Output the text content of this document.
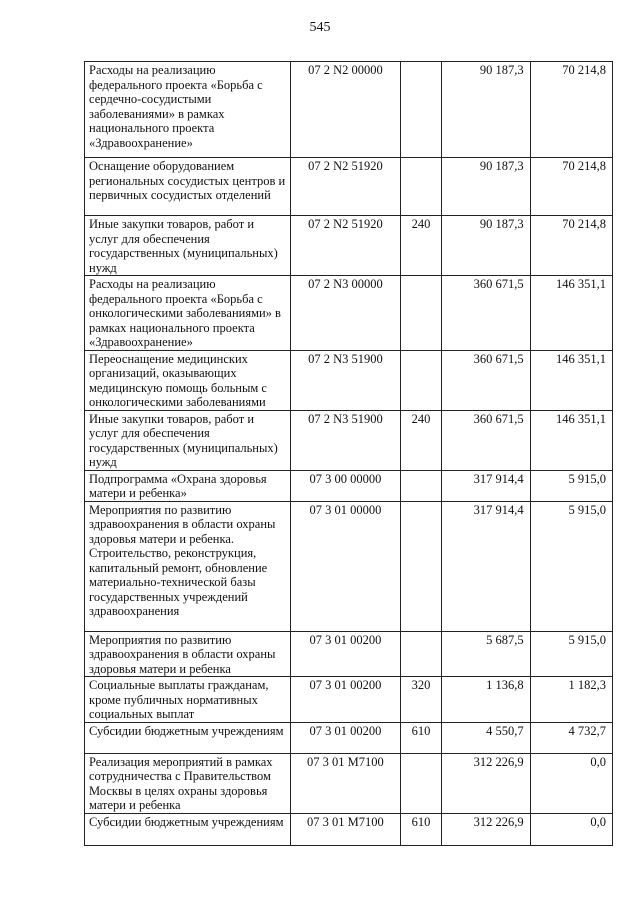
545
Расходы на реализацию федерального проекта «Борьба с сердечно-сосудистыми заболеваниями» в рамках национального проекта «Здравоохранение»	07 2 N2 00000		90 187,3	70 214,8
Оснащение оборудованием региональных сосудистых центров и первичных сосудистых отделений	07 2 N2 51920		90 187,3	70 214,8
Иные закупки товаров, работ и услуг для обеспечения государственных (муниципальных) нужд	07 2 N2 51920	240	90 187,3	70 214,8
Расходы на реализацию федерального проекта «Борьба с онкологическими заболеваниями» в рамках национального проекта «Здравоохранение»	07 2 N3 00000		360 671,5	146 351,1
Переоснащение медицинских организаций, оказывающих медицинскую помощь больным с онкологическими заболеваниями	07 2 N3 51900		360 671,5	146 351,1
Иные закупки товаров, работ и услуг для обеспечения государственных (муниципальных) нужд	07 2 N3 51900	240	360 671,5	146 351,1
Подпрограмма «Охрана здоровья матери и ребенка»	07 3 00 00000		317 914,4	5 915,0
Мероприятия по развитию здравоохранения в области охраны здоровья матери и ребенка. Строительство, реконструкция, капитальный ремонт, обновление материально-технической базы государственных учреждений здравоохранения	07 3 01 00000		317 914,4	5 915,0
Мероприятия по развитию здравоохранения в области охраны здоровья матери и ребенка	07 3 01 00200		5 687,5	5 915,0
Социальные выплаты гражданам, кроме публичных нормативных социальных выплат	07 3 01 00200	320	1 136,8	1 182,3
Субсидии бюджетным учреждениям	07 3 01 00200	610	4 550,7	4 732,7
Реализация мероприятий в рамках сотрудничества с Правительством Москвы в целях охраны здоровья матери и ребенка	07 3 01 M7100		312 226,9	0,0
Субсидии бюджетным учреждениям	07 3 01 M7100	610	312 226,9	0,0
